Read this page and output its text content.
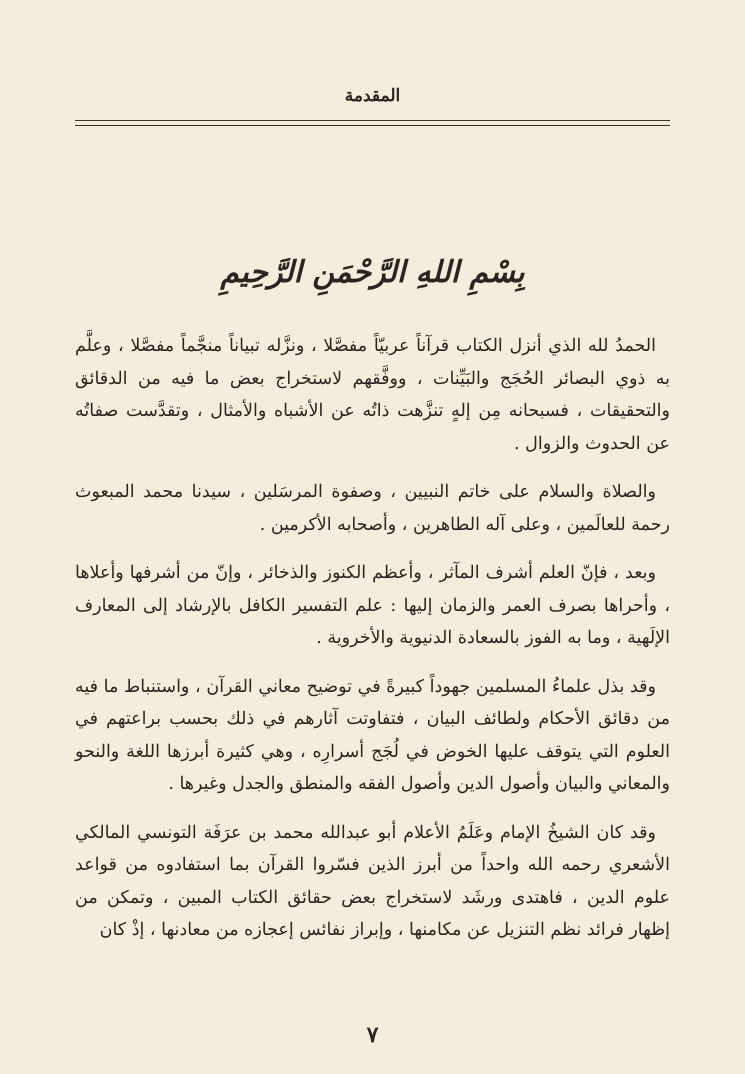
المقدمة
بِسْمِ اللهِ الرَّحْمَنِ الرَّحِيمِ

الحمدُ لله الذي أنزل الكتاب قرآناً عربيّاً مفصَّلا ، ونزَّله تبياناً منجَّماً مفصَّلا ، وعلَّم به ذوي البصائر الحُجَج والبَيِّنات ، ووفَّقهم لاستخراج بعض ما فيه من الدقائق والتحقيقات ، فسبحانه مِن إلهٍ تنزَّهت ذاتُه عن الأشباه والأمثال ، وتقدَّست صفاتُه عن الحدوث والزوال .

والصلاة والسلام على خاتم النبيين ، وصفوة المرسَلين ، سيدنا محمد المبعوث رحمة للعالَمين ، وعلى آله الطاهرين ، وأصحابه الأكرمين .

وبعد ، فإنّ العلم أشرف المآثر ، وأعظم الكنوز والذخائر ، وإنّ من أشرفها وأعلاها ، وأحراها بصرف العمر والزمان إليها : علم التفسير الكافل بالإرشاد إلى المعارف الإلَهية ، وما به الفوز بالسعادة الدنيوية والأخروية .

وقد بذل علماءُ المسلمين جهوداً كبيرةً في توضيح معاني القرآن ، واستنباط ما فيه من دقائق الأحكام ولطائف البيان ، فتفاوتت آثارهم في ذلك بحسب براعتهم في العلوم التي يتوقف عليها الخوض في لُجَج أسرارِه ، وهي كثيرة أبرزها اللغة والنحو والمعاني والبيان وأصول الدين وأصول الفقه والمنطق والجدل وغيرها .

وقد كان الشيخُ الإمام وعَلَمُ الأعلام أبو عبدالله محمد بن عرَفَة التونسي المالكي الأشعري رحمه الله واحداً من أبرز الذين فسّروا القرآن بما استفادوه من قواعد علوم الدين ، فاهتدى ورشَد لاستخراج بعض حقائق الكتاب المبين ، وتمكن من إظهار فرائد نظم التنزيل عن مكامنها ، وإبراز نفائس إعجازه من معادنها ، إذْ كان

٧
